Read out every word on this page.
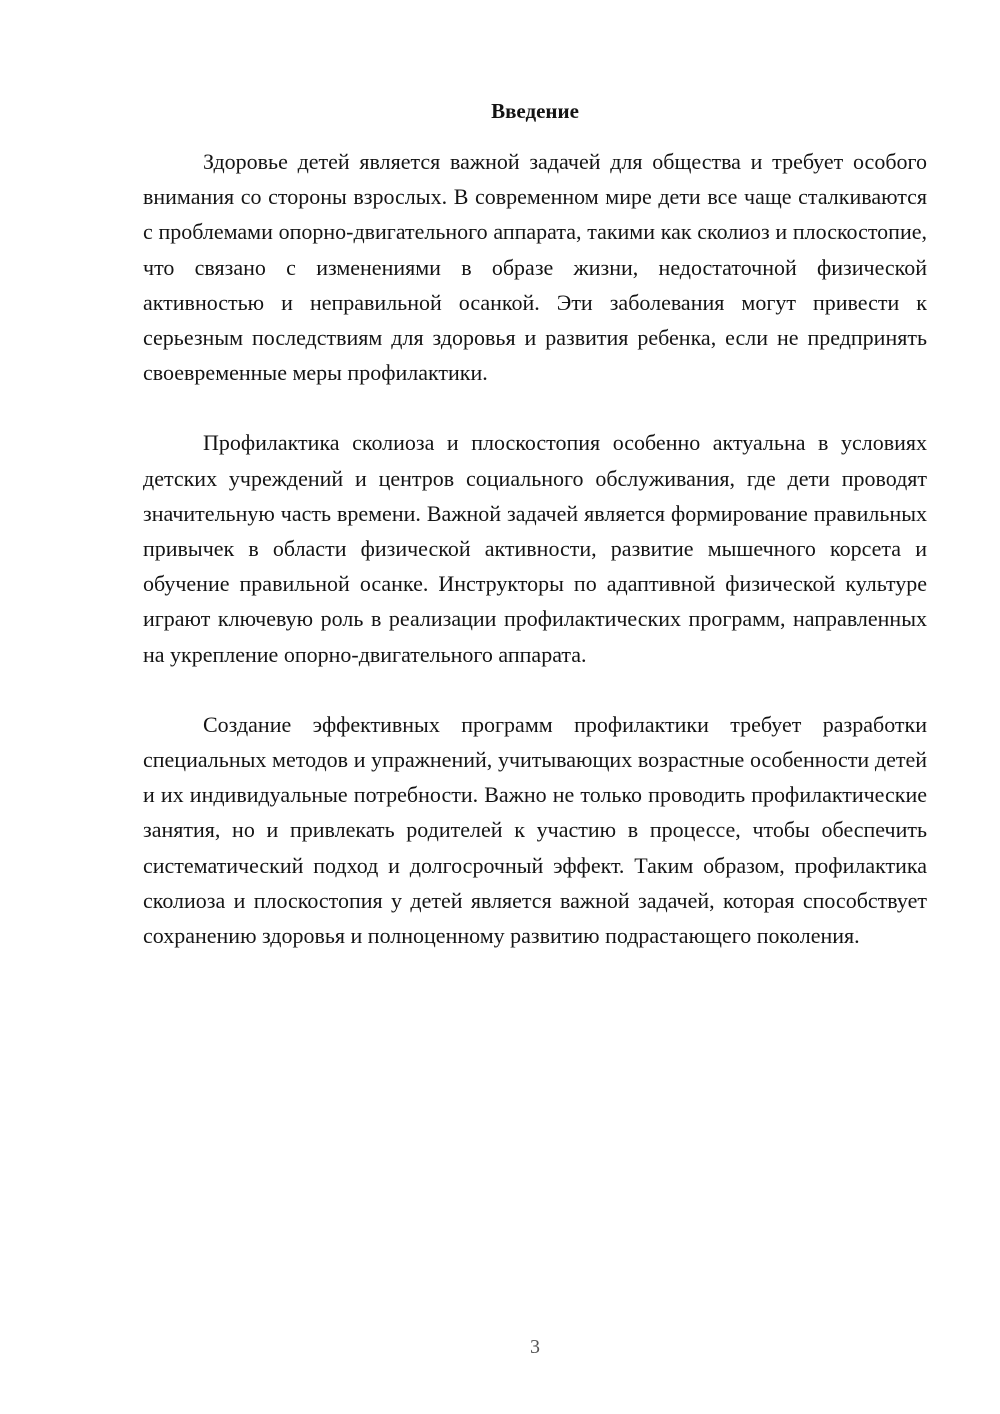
Введение

Здоровье детей является важной задачей для общества и требует особого внимания со стороны взрослых. В современном мире дети все чаще сталкиваются с проблемами опорно-двигательного аппарата, такими как сколиоз и плоскостопие, что связано с изменениями в образе жизни, недостаточной физической активностью и неправильной осанкой. Эти заболевания могут привести к серьезным последствиям для здоровья и развития ребенка, если не предпринять своевременные меры профилактики.

Профилактика сколиоза и плоскостопия особенно актуальна в условиях детских учреждений и центров социального обслуживания, где дети проводят значительную часть времени. Важной задачей является формирование правильных привычек в области физической активности, развитие мышечного корсета и обучение правильной осанке. Инструкторы по адаптивной физической культуре играют ключевую роль в реализации профилактических программ, направленных на укрепление опорно-двигательного аппарата.

Создание эффективных программ профилактики требует разработки специальных методов и упражнений, учитывающих возрастные особенности детей и их индивидуальные потребности. Важно не только проводить профилактические занятия, но и привлекать родителей к участию в процессе, чтобы обеспечить систематический подход и долгосрочный эффект. Таким образом, профилактика сколиоза и плоскостопия у детей является важной задачей, которая способствует сохранению здоровья и полноценному развитию подрастающего поколения.

3
